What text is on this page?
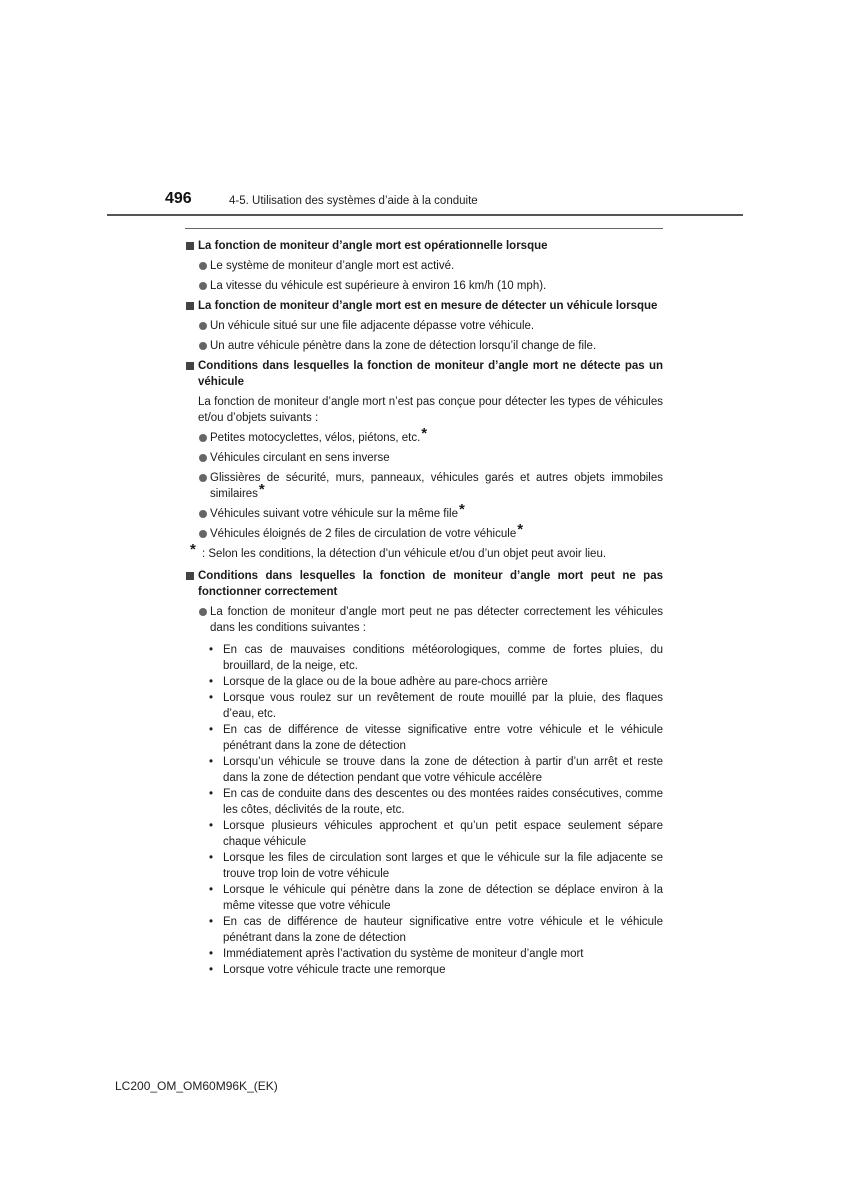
496	4-5. Utilisation des systèmes d’aide à la conduite
La fonction de moniteur d’angle mort est opérationnelle lorsque
Le système de moniteur d’angle mort est activé.
La vitesse du véhicule est supérieure à environ 16 km/h (10 mph).
La fonction de moniteur d’angle mort est en mesure de détecter un véhicule lorsque
Un véhicule situé sur une file adjacente dépasse votre véhicule.
Un autre véhicule pénètre dans la zone de détection lorsqu’il change de file.
Conditions dans lesquelles la fonction de moniteur d’angle mort ne détecte pas un véhicule
La fonction de moniteur d’angle mort n’est pas conçue pour détecter les types de véhicules et/ou d’objets suivants :
Petites motocyclettes, vélos, piétons, etc.*
Véhicules circulant en sens inverse
Glissières de sécurité, murs, panneaux, véhicules garés et autres objets immobiles similaires*
Véhicules suivant votre véhicule sur la même file*
Véhicules éloignés de 2 files de circulation de votre véhicule*
* : Selon les conditions, la détection d’un véhicule et/ou d’un objet peut avoir lieu.
Conditions dans lesquelles la fonction de moniteur d’angle mort peut ne pas fonctionner correctement
La fonction de moniteur d’angle mort peut ne pas détecter correctement les véhicules dans les conditions suivantes :
• En cas de mauvaises conditions météorologiques, comme de fortes pluies, du brouillard, de la neige, etc.
• Lorsque de la glace ou de la boue adhère au pare-chocs arrière
• Lorsque vous roulez sur un revêtement de route mouillé par la pluie, des flaques d’eau, etc.
• En cas de différence de vitesse significative entre votre véhicule et le véhicule pénétrant dans la zone de détection
• Lorsqu’un véhicule se trouve dans la zone de détection à partir d’un arrêt et reste dans la zone de détection pendant que votre véhicule accélère
• En cas de conduite dans des descentes ou des montées raides consécutives, comme les côtes, déclivités de la route, etc.
• Lorsque plusieurs véhicules approchent et qu’un petit espace seulement sépare chaque véhicule
• Lorsque les files de circulation sont larges et que le véhicule sur la file adjacente se trouve trop loin de votre véhicule
• Lorsque le véhicule qui pénètre dans la zone de détection se déplace environ à la même vitesse que votre véhicule
• En cas de différence de hauteur significative entre votre véhicule et le véhicule pénétrant dans la zone de détection
• Immédiatement après l’activation du système de moniteur d’angle mort
• Lorsque votre véhicule tracte une remorque
LC200_OM_OM60M96K_(EK)
